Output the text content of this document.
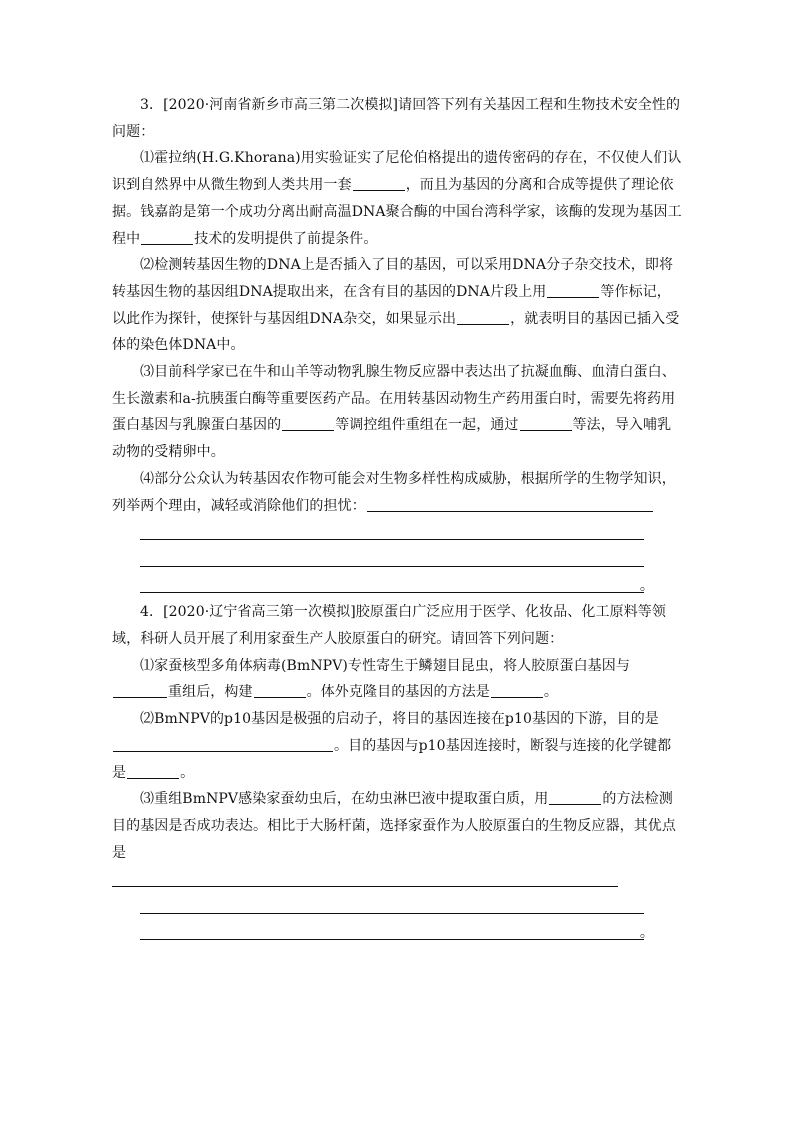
3．[2020·河南省新乡市高三第二次模拟]请回答下列有关基因工程和生物技术安全性的问题：

⑴霍拉纳(H.G.Khorana)用实验证实了尼伦伯格提出的遗传密码的存在，不仅使人们认识到自然界中从微生物到人类共用一套	，而且为基因的分离和合成等提供了理论依据。钱嘉韵是第一个成功分离出耐高温DNA聚合酶的中国台湾科学家，该酶的发现为基因工程中	技术的发明提供了前提条件。

⑵检测转基因生物的DNA上是否插入了目的基因，可以采用DNA分子杂交技术，即将转基因生物的基因组DNA提取出来，在含有目的基因的DNA片段上用	等作标记，以此作为探针，使探针与基因组DNA杂交，如果显示出	，就表明目的基因已插入受体的染色体DNA中。

⑶目前科学家已在牛和山羊等动物乳腺生物反应器中表达出了抗凝血酶、血清白蛋白、生长激素和a-抗胰蛋白酶等重要医药产品。在用转基因动物生产药用蛋白时，需要先将药用蛋白基因与乳腺蛋白基因的	等调控组件重组在一起，通过	等法，导入哺乳动物的受精卵中。

⑷部分公众认为转基因农作物可能会对生物多样性构成威胁，根据所学的生物学知识，列举两个理由，减轻或消除他们的担忧：

。

4．[2020·辽宁省高三第一次模拟]胶原蛋白广泛应用于医学、化妆品、化工原料等领域，科研人员开展了利用家蚕生产人胶原蛋白的研究。请回答下列问题：

⑴家蚕核型多角体病毒(BmNPV)专性寄生于鳞翅目昆虫，将人胶原蛋白基因与重组后，构建	。体外克隆目的基因的方法是	。

⑵BmNPV的p10基因是极强的启动子，将目的基因连接在p10基因的下游，目的是。目的基因与p10基因连接时，断裂与连接的化学键都是	。

⑶重组BmNPV感染家蚕幼虫后，在幼虫淋巴液中提取蛋白质，用	的方法检测目的基因是否成功表达。相比于大肠杆菌，选择家蚕作为人胶原蛋白的生物反应器，其优点是

。
